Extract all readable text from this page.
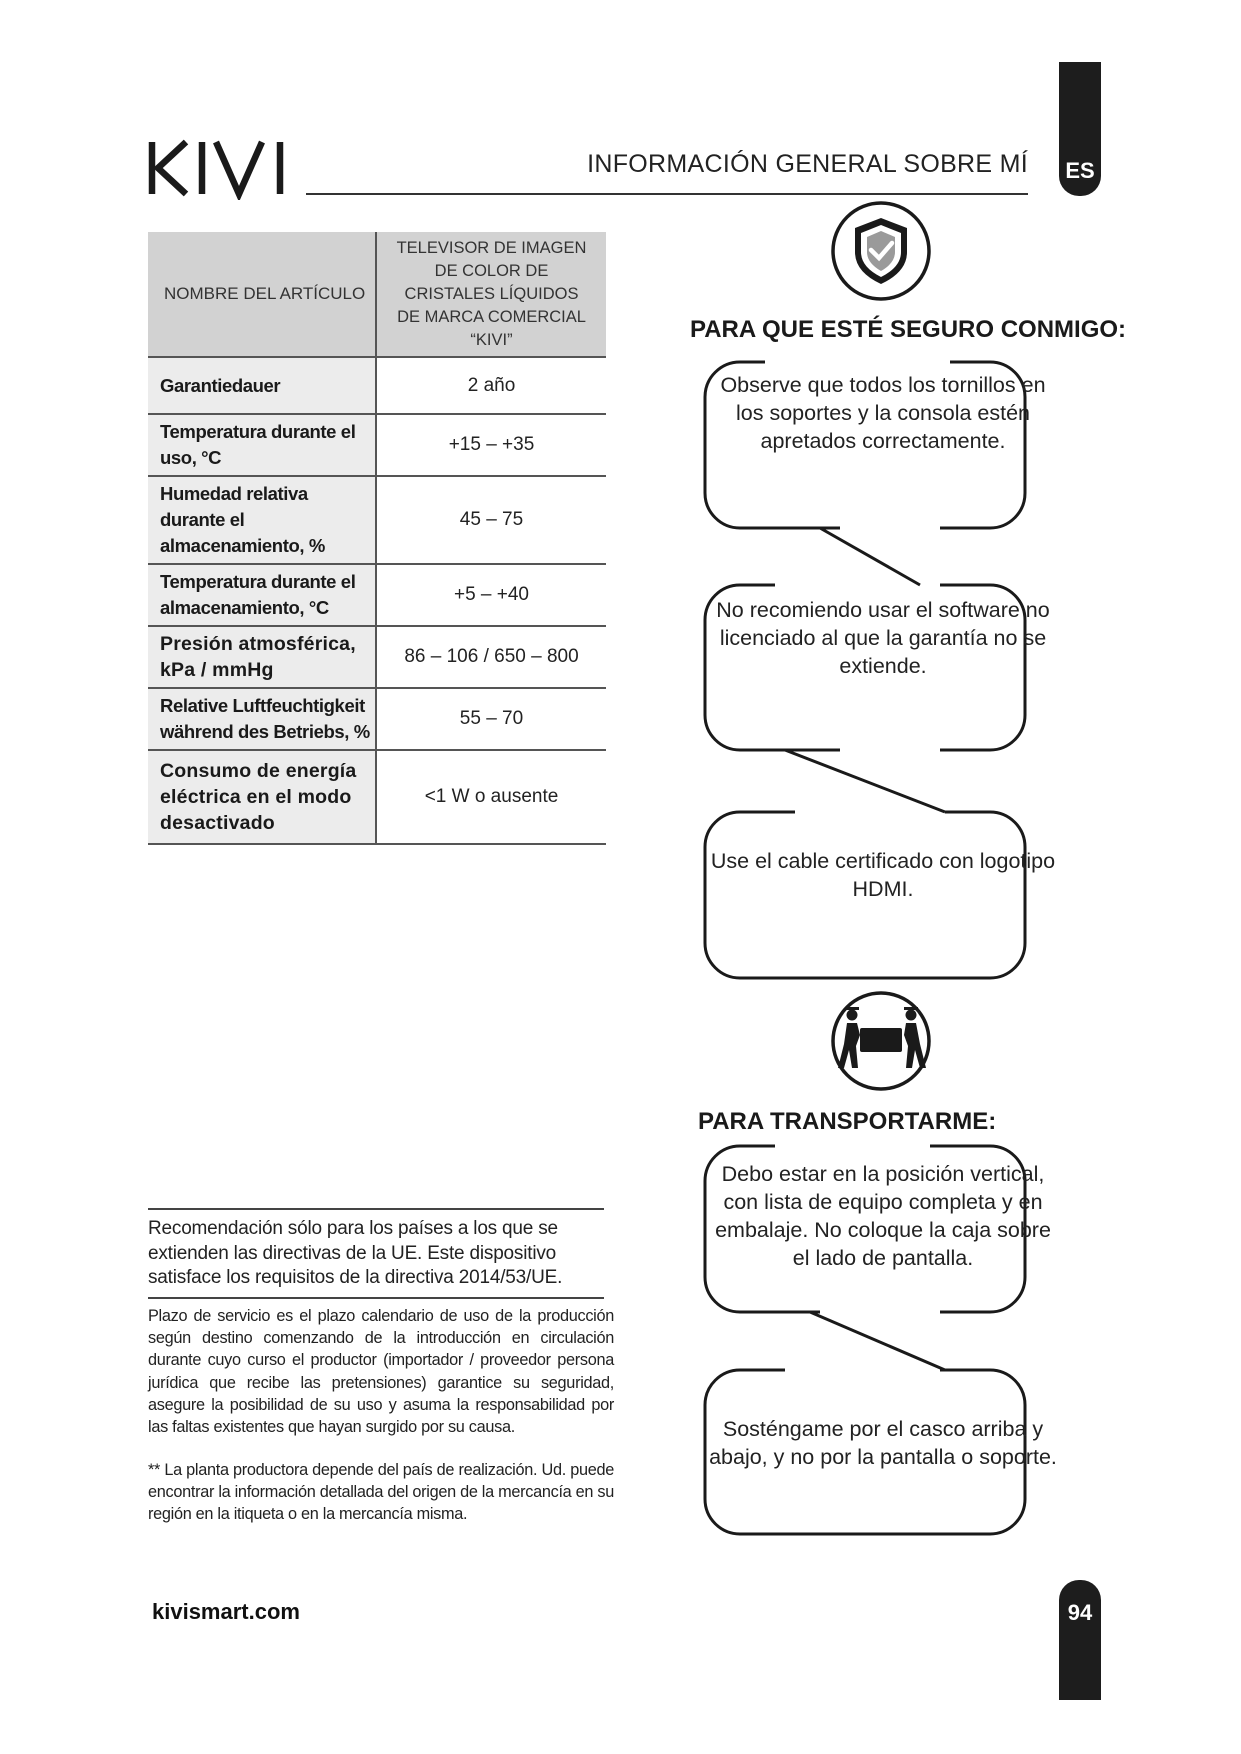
INFORMACIÓN GENERAL SOBRE MÍ ES
NOMBRE DEL ARTÍCULO	TELEVISOR DE IMAGEN DE COLOR DE CRISTALES LÍQUIDOS DE MARCA COMERCIAL “KIVI”

Garantiedauer	2 año
Temperatura durante el uso, °C	+15 – +35
Humedad relativa durante el almacenamiento, %	45 – 75
Temperatura durante el almacenamiento, °C	+5 – +40
Presión atmosférica, kPa / mmHg	86 – 106 / 650 – 800
Relative Luftfeuchtigkeit während des Betriebs, %	55 – 70
Consumo de energía eléctrica en el modo desactivado	<1 W o ausente
Recomendación sólo para los países a los que se extienden las directivas de la UE. Este dispositivo satisface los requisitos de la directiva 2014/53/UE.
Plazo de servicio es el plazo calendario de uso de la producción según destino comenzando de la introducción en circulación durante cuyo curso el productor (importador / proveedor persona jurídica que recibe las pretensiones) garantice su seguridad, asegure la posibilidad de su uso y asuma la responsabilidad por las faltas existentes que hayan surgido por su causa.
** La planta productora depende del país de realización. Ud. puede encontrar la información detallada del origen de la mercancía en su región en la itiqueta o en la mercancía misma.
kivismart.com	94
PARA QUE ESTÉ SEGURO CONMIGO:
Observe que todos los tornillos en los soportes y la consola estén apretados correctamente.
No recomiendo usar el software no licenciado al que la garantía no se extiende.
Use el cable certificado con logotipo HDMI.
PARA TRANSPORTARME:
Debo estar en la posición vertical, con lista de equipo completa y en embalaje. No coloque la caja sobre el lado de pantalla.
Sosténgame por el casco arriba y abajo, y no por la pantalla o soporte.
